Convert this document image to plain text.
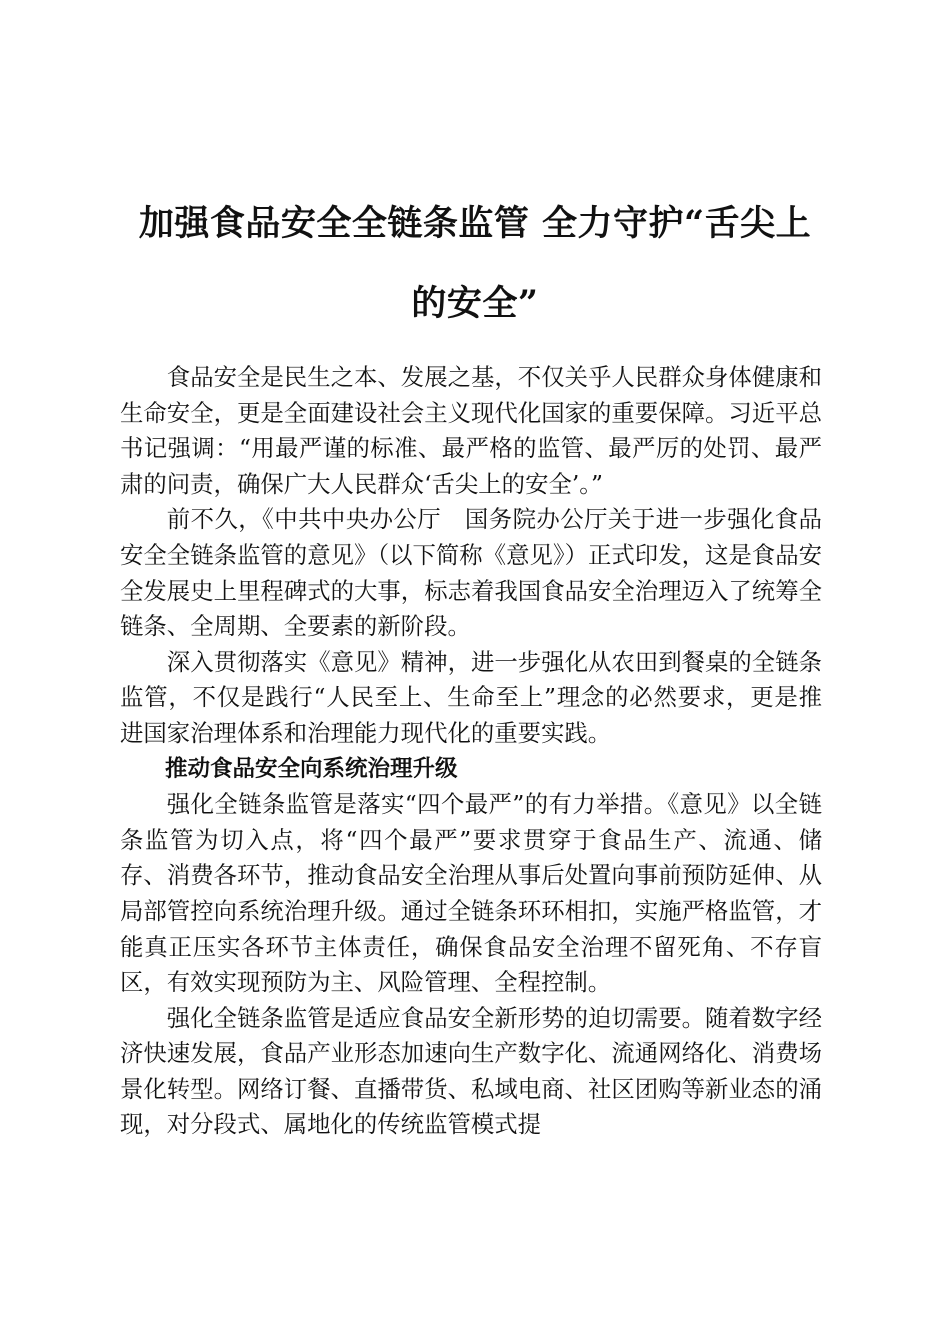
加强食品安全全链条监管 全力守护“舌尖上
的安全”

食品安全是民生之本、发展之基，不仅关乎人民群众身体健康和生命安全，更是全面建设社会主义现代化国家的重要保障。习近平总书记强调：“用最严谨的标准、最严格的监管、最严厉的处罚、最严肃的问责，确保广大人民群众‘舌尖上的安全’。”

前不久，《中共中央办公厅　国务院办公厅关于进一步强化食品安全全链条监管的意见》（以下简称《意见》）正式印发，这是食品安全发展史上里程碑式的大事，标志着我国食品安全治理迈入了统筹全链条、全周期、全要素的新阶段。

深入贯彻落实《意见》精神，进一步强化从农田到餐桌的全链条监管，不仅是践行“人民至上、生命至上”理念的必然要求，更是推进国家治理体系和治理能力现代化的重要实践。

推动食品安全向系统治理升级

强化全链条监管是落实“四个最严”的有力举措。《意见》以全链条监管为切入点，将“四个最严”要求贯穿于食品生产、流通、储存、消费各环节，推动食品安全治理从事后处置向事前预防延伸、从局部管控向系统治理升级。通过全链条环环相扣，实施严格监管，才能真正压实各环节主体责任，确保食品安全治理不留死角、不存盲区，有效实现预防为主、风险管理、全程控制。

强化全链条监管是适应食品安全新形势的迫切需要。随着数字经济快速发展，食品产业形态加速向生产数字化、流通网络化、消费场景化转型。网络订餐、直播带货、私域电商、社区团购等新业态的涌现，对分段式、属地化的传统监管模式提
